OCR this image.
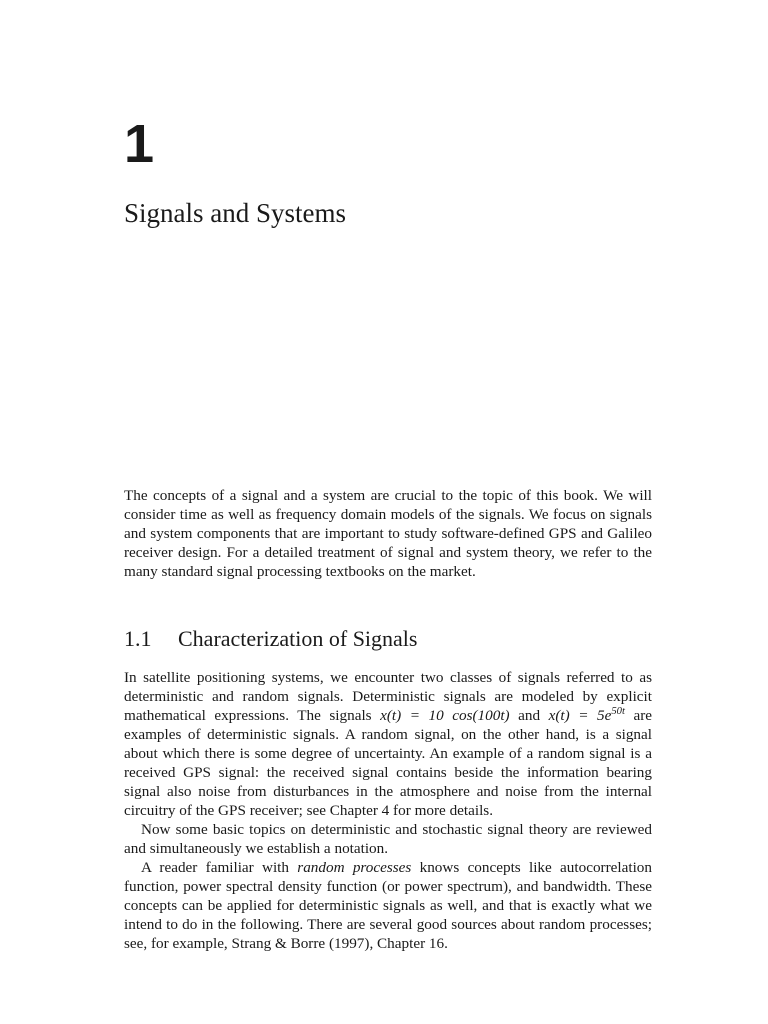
1
Signals and Systems

The concepts of a signal and a system are crucial to the topic of this book. We will consider time as well as frequency domain models of the signals. We focus on signals and system components that are important to study software-defined GPS and Galileo receiver design. For a detailed treatment of signal and system theory, we refer to the many standard signal processing textbooks on the market.

1.1 Characterization of Signals

In satellite positioning systems, we encounter two classes of signals referred to as deterministic and random signals. Deterministic signals are modeled by explicit mathematical expressions. The signals x(t) = 10 cos(100t) and $x(t) = 5e^{50t}$ are examples of deterministic signals. A random signal, on the other hand, is a signal about which there is some degree of uncertainty. An example of a random signal is a received GPS signal: the received signal contains beside the information bearing signal also noise from disturbances in the atmosphere and noise from the internal circuitry of the GPS receiver; see Chapter 4 for more details.

Now some basic topics on deterministic and stochastic signal theory are reviewed and simultaneously we establish a notation.

A reader familiar with random processes knows concepts like autocorrelation function, power spectral density function (or power spectrum), and bandwidth. These concepts can be applied for deterministic signals as well, and that is exactly what we intend to do in the following. There are several good sources about random processes; see, for example, Strang & Borre (1997), Chapter 16.
